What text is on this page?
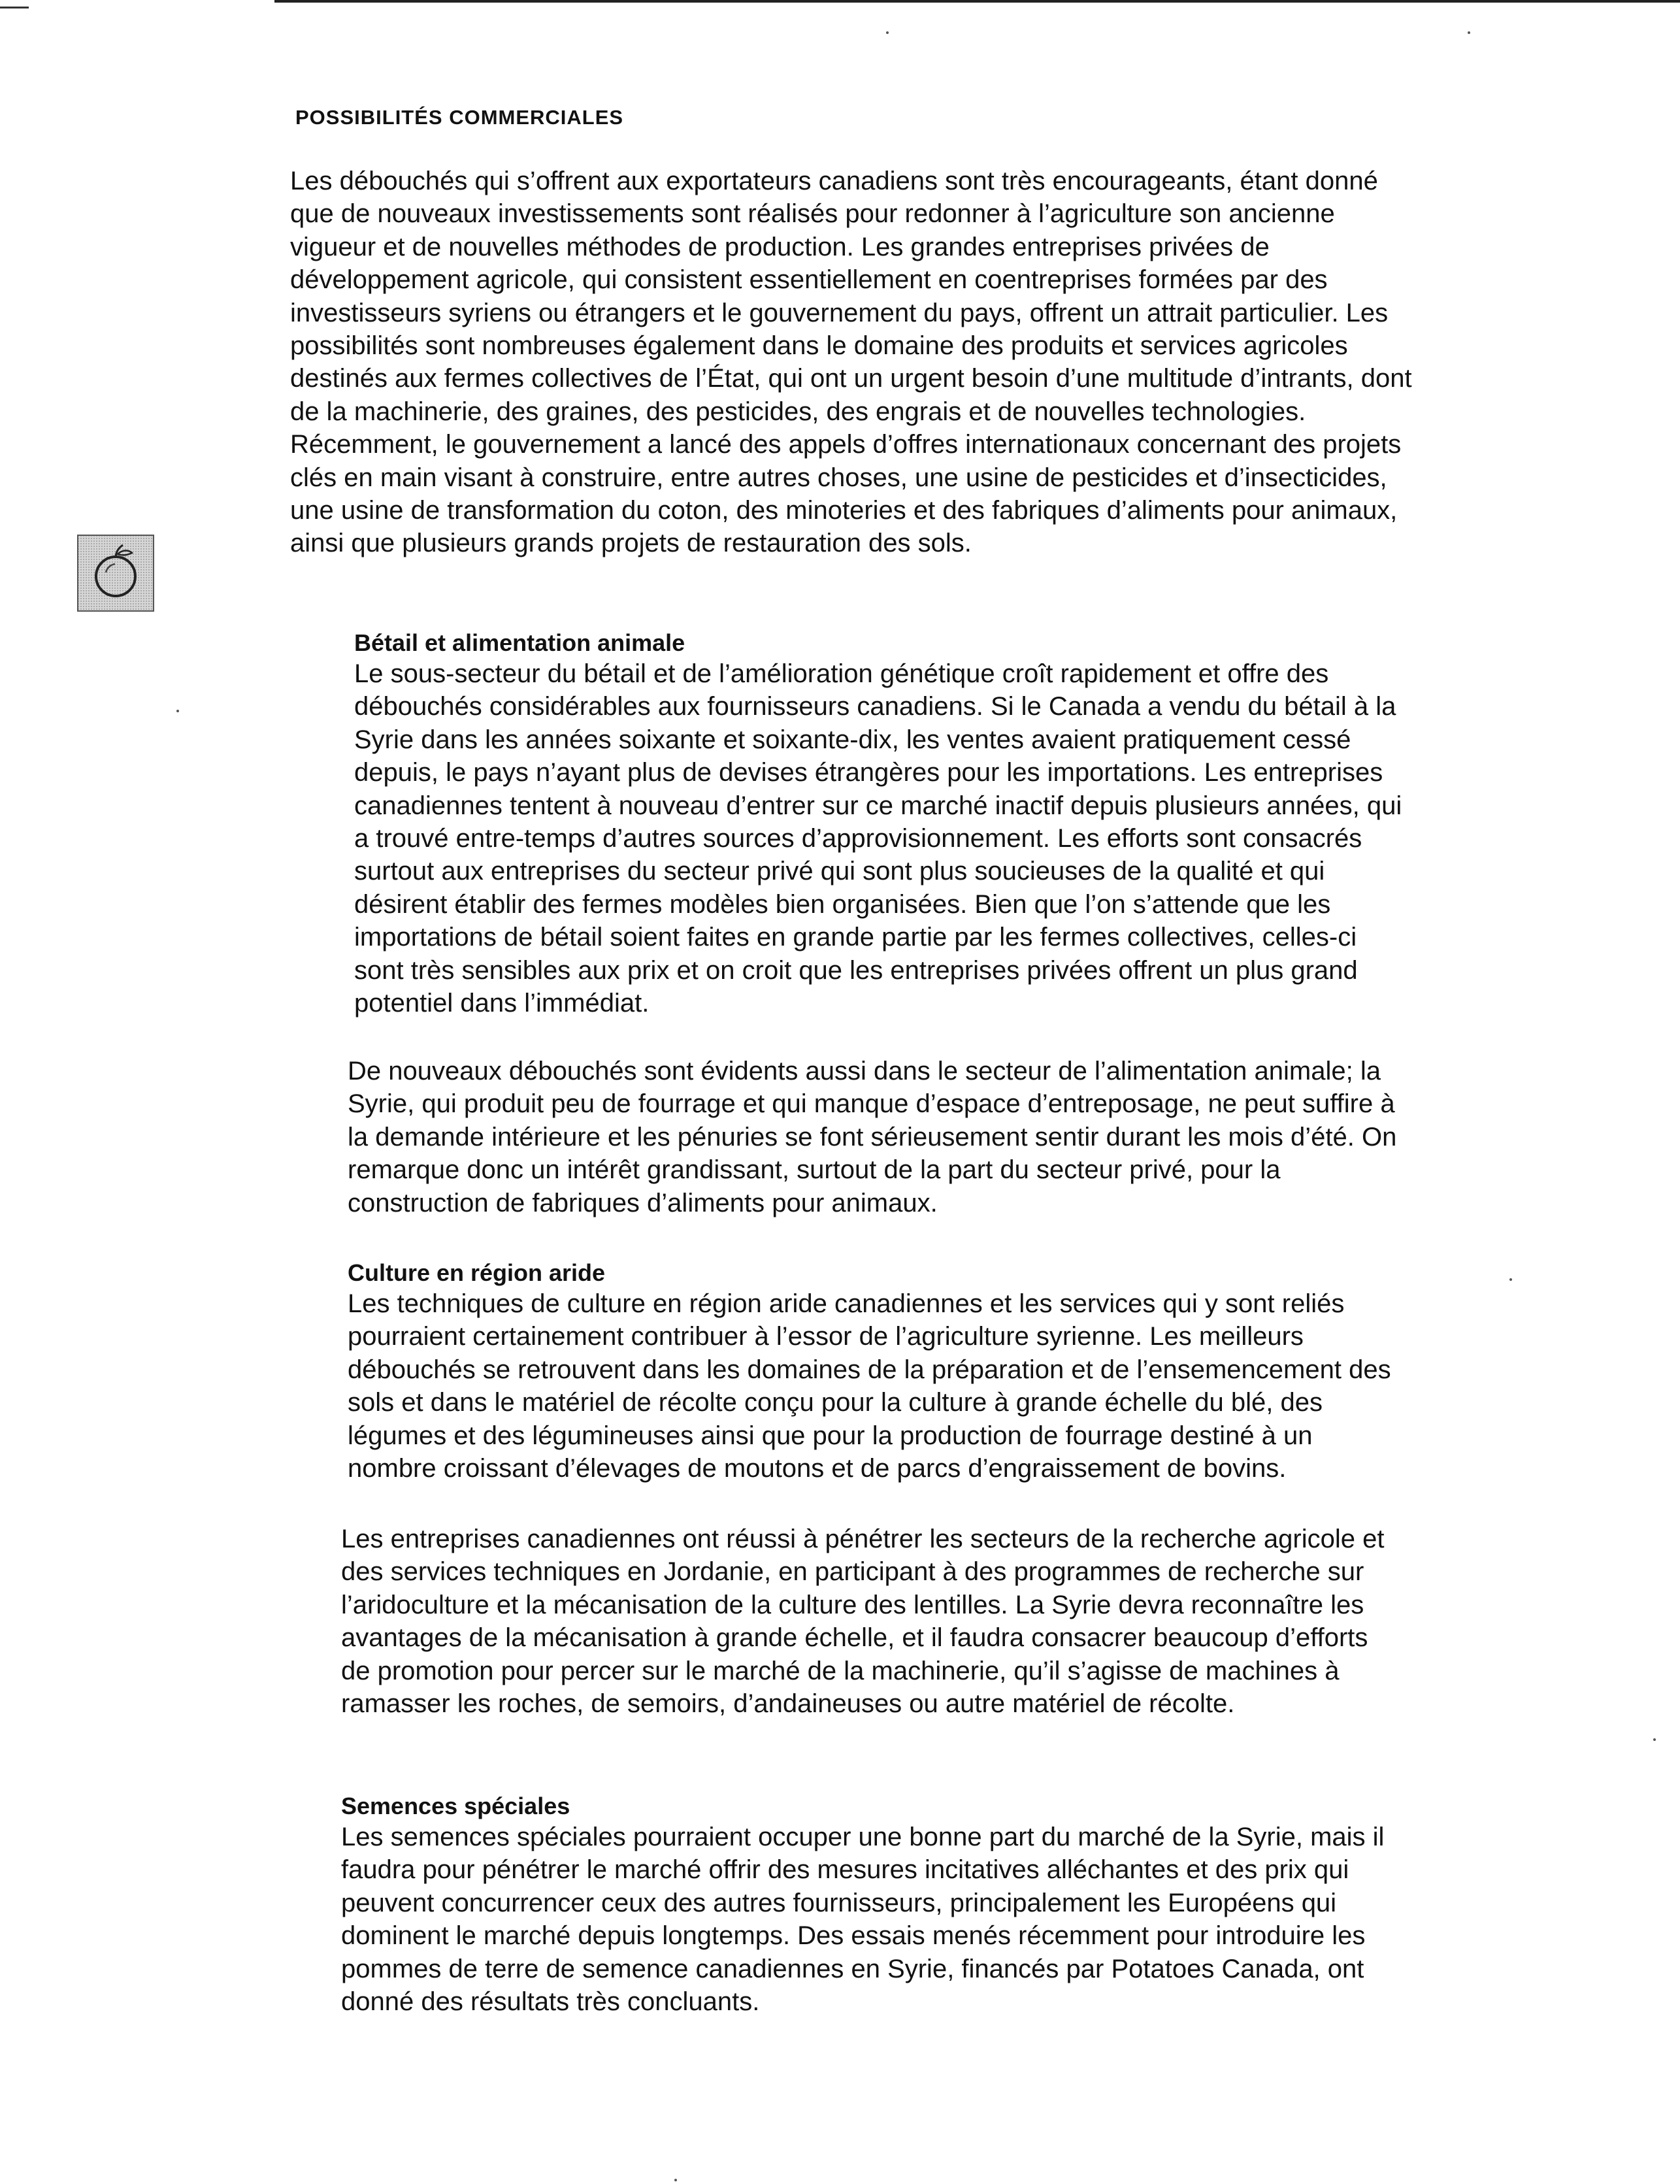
POSSIBILITÉS COMMERCIALES

Les débouchés qui s’offrent aux exportateurs canadiens sont très encourageants, étant donné que de nouveaux investissements sont réalisés pour redonner à l’agriculture son ancienne vigueur et de nouvelles méthodes de production. Les grandes entreprises privées de développement agricole, qui consistent essentiellement en coentreprises formées par des investisseurs syriens ou étrangers et le gouvernement du pays, offrent un attrait particulier. Les possibilités sont nombreuses également dans le domaine des produits et services agricoles destinés aux fermes collectives de l’État, qui ont un urgent besoin d’une multitude d’intrants, dont de la machinerie, des graines, des pesticides, des engrais et de nouvelles technologies. Récemment, le gouvernement a lancé des appels d’offres internationaux concernant des projets clés en main visant à construire, entre autres choses, une usine de pesticides et d’insecticides, une usine de transformation du coton, des minoteries et des fabriques d’aliments pour animaux, ainsi que plusieurs grands projets de restauration des sols.

Bétail et alimentation animale

Le sous-secteur du bétail et de l’amélioration génétique croît rapidement et offre des débouchés considérables aux fournisseurs canadiens. Si le Canada a vendu du bétail à la Syrie dans les années soixante et soixante-dix, les ventes avaient pratiquement cessé depuis, le pays n’ayant plus de devises étrangères pour les importations. Les entreprises canadiennes tentent à nouveau d’entrer sur ce marché inactif depuis plusieurs années, qui a trouvé entre-temps d’autres sources d’approvisionnement. Les efforts sont consacrés surtout aux entreprises du secteur privé qui sont plus soucieuses de la qualité et qui désirent établir des fermes modèles bien organisées. Bien que l’on s’attende que les importations de bétail soient faites en grande partie par les fermes collectives, celles-ci sont très sensibles aux prix et on croit que les entreprises privées offrent un plus grand potentiel dans l’immédiat.

De nouveaux débouchés sont évidents aussi dans le secteur de l’alimentation animale; la Syrie, qui produit peu de fourrage et qui manque d’espace d’entreposage, ne peut suffire à la demande intérieure et les pénuries se font sérieusement sentir durant les mois d’été. On remarque donc un intérêt grandissant, surtout de la part du secteur privé, pour la construction de fabriques d’aliments pour animaux.

Culture en région aride

Les techniques de culture en région aride canadiennes et les services qui y sont reliés pourraient certainement contribuer à l’essor de l’agriculture syrienne. Les meilleurs débouchés se retrouvent dans les domaines de la préparation et de l’ensemencement des sols et dans le matériel de récolte conçu pour la culture à grande échelle du blé, des légumes et des légumineuses ainsi que pour la production de fourrage destiné à un nombre croissant d’élevages de moutons et de parcs d’engraissement de bovins.

Les entreprises canadiennes ont réussi à pénétrer les secteurs de la recherche agricole et des services techniques en Jordanie, en participant à des programmes de recherche sur l’aridoculture et la mécanisation de la culture des lentilles. La Syrie devra reconnaître les avantages de la mécanisation à grande échelle, et il faudra consacrer beaucoup d’efforts de promotion pour percer sur le marché de la machinerie, qu’il s’agisse de machines à ramasser les roches, de semoirs, d’andaineuses ou autre matériel de récolte.

Semences spéciales

Les semences spéciales pourraient occuper une bonne part du marché de la Syrie, mais il faudra pour pénétrer le marché offrir des mesures incitatives alléchantes et des prix qui peuvent concurrencer ceux des autres fournisseurs, principalement les Européens qui dominent le marché depuis longtemps. Des essais menés récemment pour introduire les pommes de terre de semence canadiennes en Syrie, financés par Potatoes Canada, ont donné des résultats très concluants.
